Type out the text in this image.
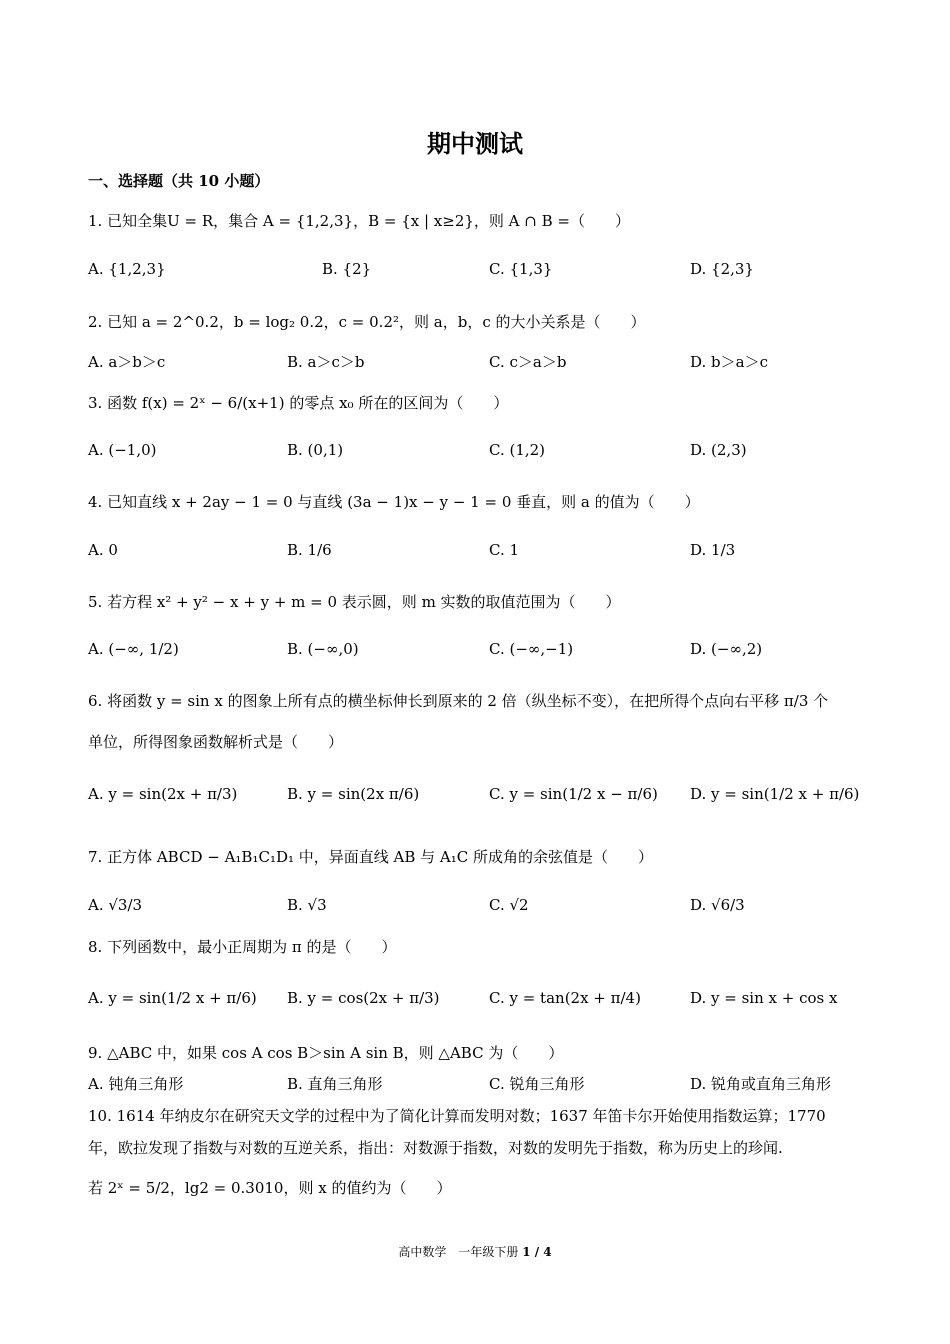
期中测试
一、选择题（共 10 小题）
1. 已知全集U = R，集合 A = {1,2,3}，B = {x | x≥2}，则 A ∩ B =（　　）
A. {1,2,3}	B. {2}	C. {1,3}	D. {2,3}
2. 已知 a = 2^0.2，b = log₂ 0.2，c = 0.2²，则 a，b，c 的大小关系是（　　）
A. a＞b＞c	B. a＞c＞b	C. c＞a＞b	D. b＞a＞c
3. 函数 f(x) = 2ˣ − 6/(x+1) 的零点 x₀ 所在的区间为（　　）
A. (−1,0)	B. (0,1)	C. (1,2)	D. (2,3)
4. 已知直线 x + 2ay − 1 = 0 与直线 (3a − 1)x − y − 1 = 0 垂直，则 a 的值为（　　）
A. 0	B. 1/6	C. 1	D. 1/3
5. 若方程 x² + y² − x + y + m = 0 表示圆，则 m 实数的取值范围为（　　）
A. (−∞, 1/2)	B. (−∞,0)	C. (−∞,−1)	D. (−∞,2)
6. 将函数 y = sin x 的图象上所有点的横坐标伸长到原来的 2 倍（纵坐标不变），在把所得个点向右平移 π/3 个
单位，所得图象函数解析式是（　　）
A. y = sin(2x + π/3)	B. y = sin(2x π/6)	C. y = sin(1/2 x − π/6) D. y = sin(1/2 x + π/6)
7. 正方体 ABCD − A₁B₁C₁D₁ 中，异面直线 AB 与 A₁C 所成角的余弦值是（　　）
A. √3/3	B. √3	C. √2	D. √6/3
8. 下列函数中，最小正周期为 π 的是（　　）
A. y = sin(1/2 x + π/6) B. y = cos(2x + π/3)	C. y = tan(2x + π/4)	D. y = sin x + cos x
9. △ABC 中，如果 cos A cos B＞sin A sin B，则 △ABC 为（　　）
A. 钝角三角形	B. 直角三角形	C. 锐角三角形	D. 锐角或直角三角形
10. 1614 年纳皮尔在研究天文学的过程中为了简化计算而发明对数；1637 年笛卡尔开始使用指数运算；1770
年，欧拉发现了指数与对数的互逆关系，指出：对数源于指数，对数的发明先于指数，称为历史上的珍闻.
若 2ˣ = 5/2，lg2 = 0.3010，则 x 的值约为（　　）
高中数学　一年级下册 1 / 4
